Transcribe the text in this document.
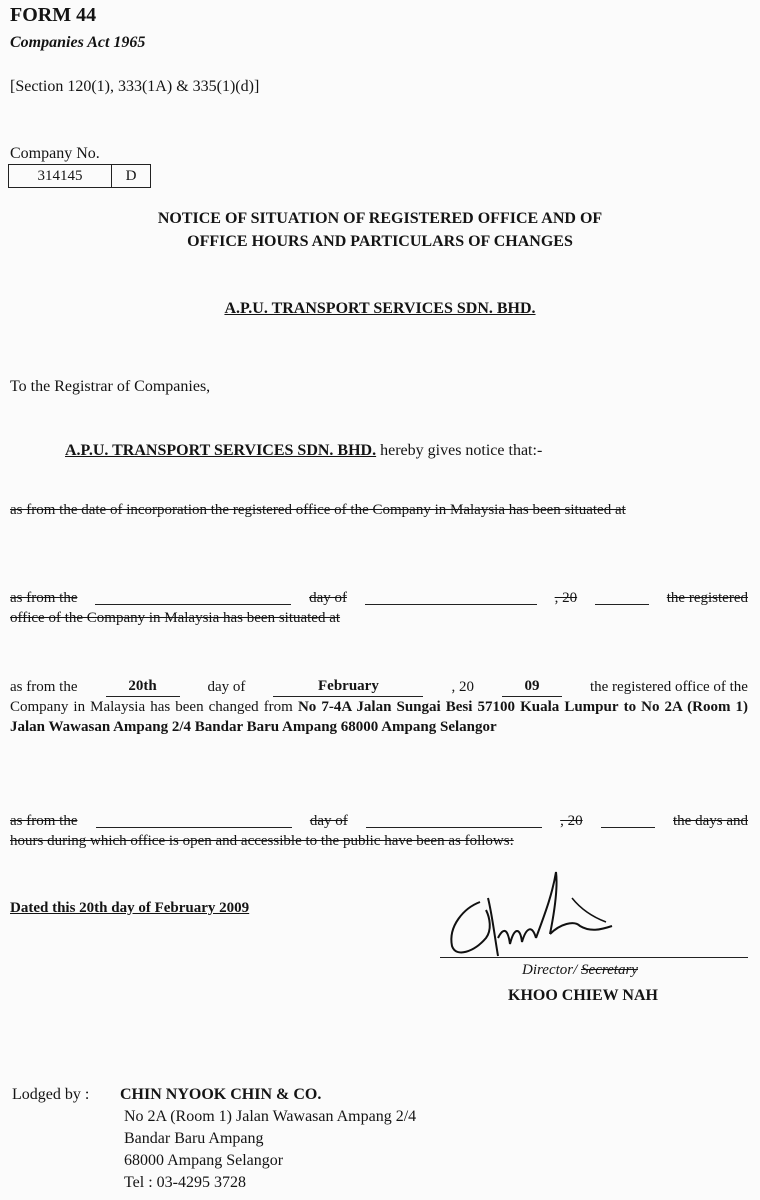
FORM 44
Companies Act 1965
[Section 120(1), 333(1A) & 335(1)(d)]
Company No.
314145	D
NOTICE OF SITUATION OF REGISTERED OFFICE AND OF
OFFICE HOURS AND PARTICULARS OF CHANGES
A.P.U. TRANSPORT SERVICES SDN. BHD.
To the Registrar of Companies,
A.P.U. TRANSPORT SERVICES SDN. BHD. hereby gives notice that:-
as from the date of incorporation the registered office of the Company in Malaysia has been situated at
as from the	day of	, 20	the registered
office of the Company in Malaysia has been situated at
as from the	20th	day of	February	, 20	09	the registered office of the
Company in Malaysia has been changed from No 7-4A Jalan Sungai Besi 57100 Kuala Lumpur to No 2A (Room 1) Jalan Wawasan Ampang 2/4 Bandar Baru Ampang 68000 Ampang Selangor
as from the	day of	, 20	the days and
hours during which office is open and accessible to the public have been as follows:
Dated this 20th day of February 2009
Director/ Secretary
KHOO CHIEW NAH
Lodged by : CHIN NYOOK CHIN & CO.
No 2A (Room 1) Jalan Wawasan Ampang 2/4
Bandar Baru Ampang
68000 Ampang Selangor
Tel : 03-4295 3728
